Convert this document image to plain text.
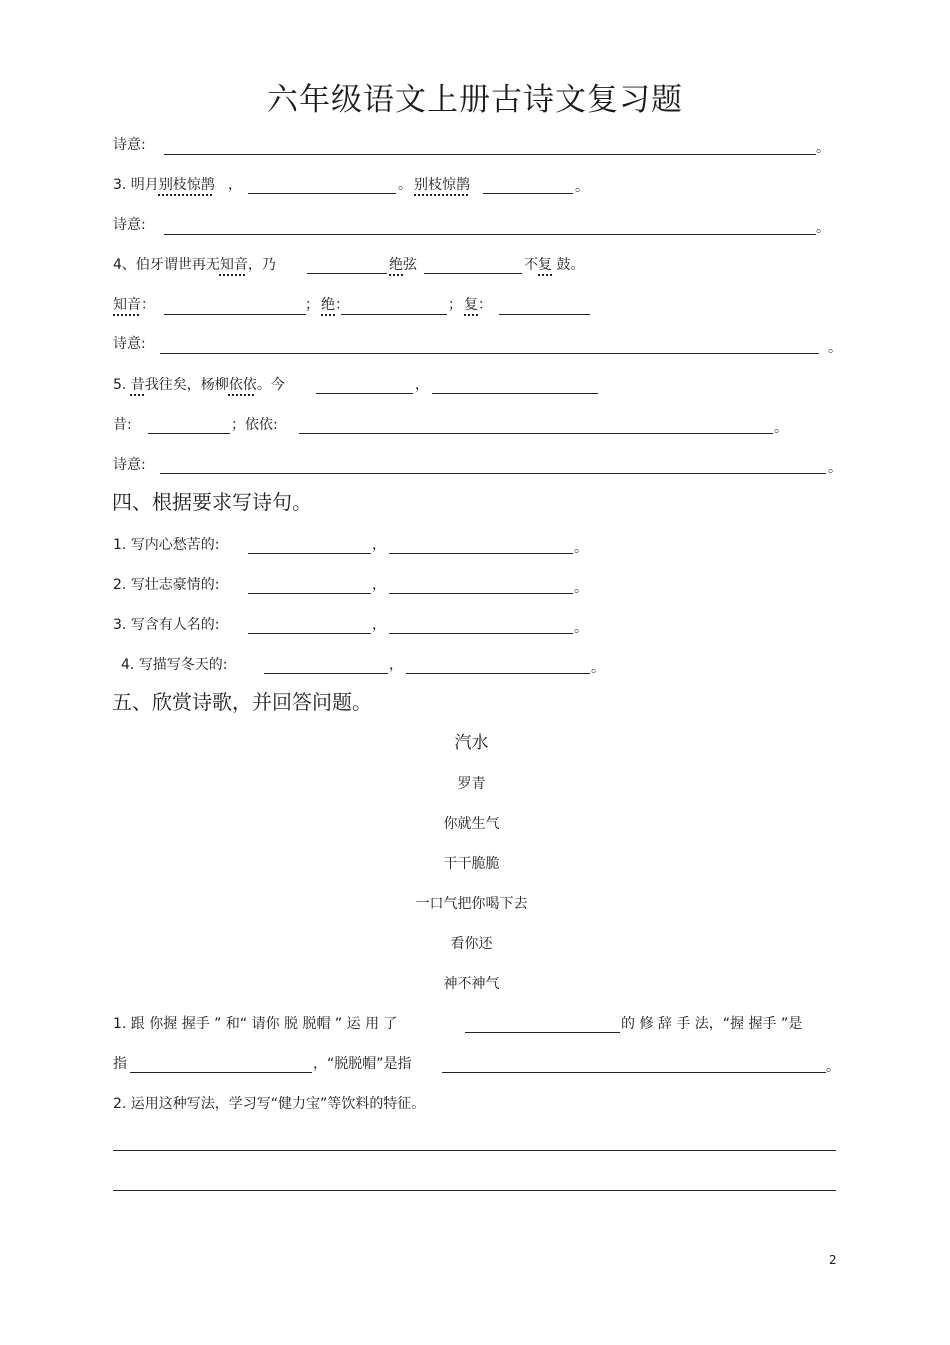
六年级语文上册古诗文复习题
诗意:	。
3. 明月别枝惊鹊 ，	。 别枝惊鹊	。
诗意:	。
4、伯牙谓世再无知音，乃	绝弦	不复 鼓。
知音：	； 绝：	； 复：
诗意:	。
5. 昔我往矣，杨柳依依。今	，
昔:	；依依:	。
诗意:	。
四、根据要求写诗句。
1. 写内心愁苦的:	，	。
2. 写壮志豪情的:	，	。
3. 写含有人名的:	，	。
4. 写描写冬天的:	，	。
五、欣赏诗歌，并回答问题。
汽水
罗青
你就生气
干干脆脆
一口气把你喝下去
看你还
神不神气
1. 跟 你握 握手 ” 和“ 请你 脱 脱帽 ” 运 用 了	的 修 辞 手 法，“握 握手 ”是
指	，“脱脱帽”是指	。
2. 运用这种写法，学习写“健力宝”等饮料的特征。
2
